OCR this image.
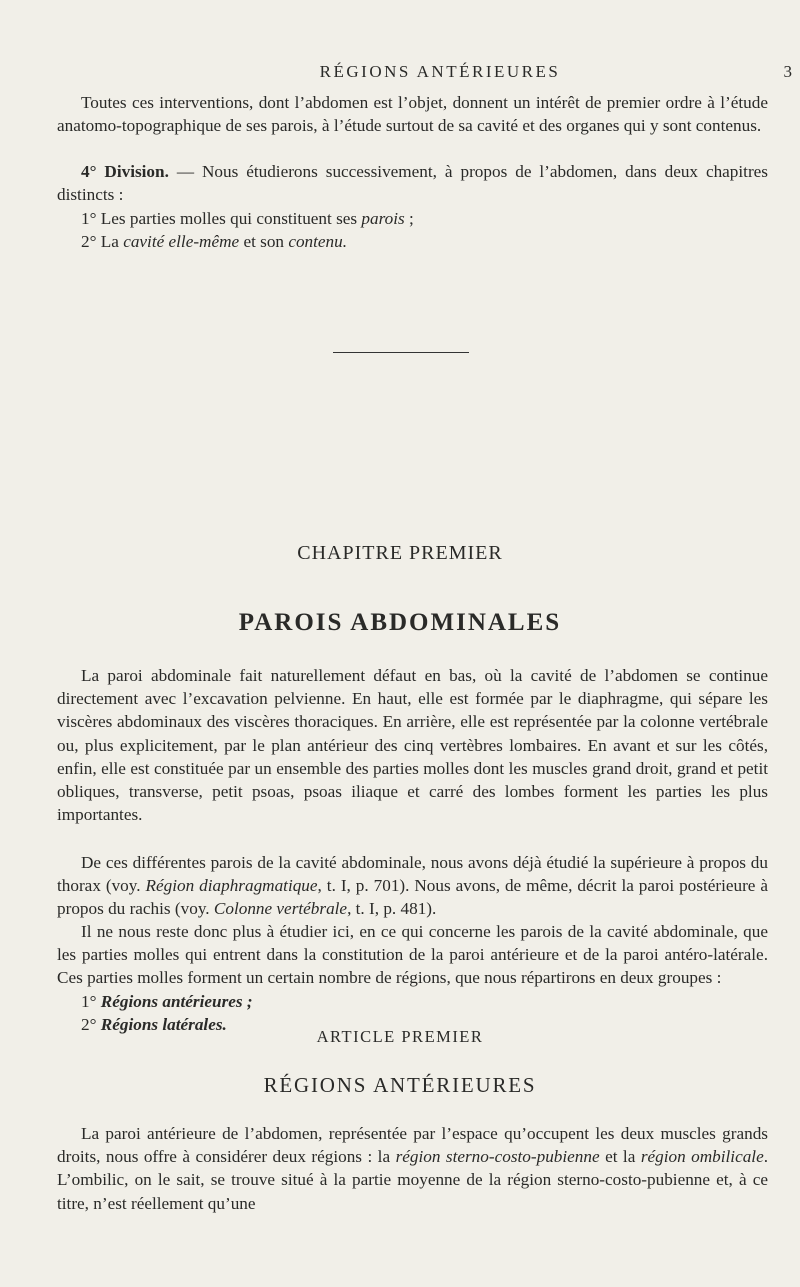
RÉGIONS ANTÉRIEURES	3

Toutes ces interventions, dont l’abdomen est l’objet, donnent un intérêt de premier ordre à l’étude anatomo-topographique de ses parois, à l’étude surtout de sa cavité et des organes qui y sont contenus.

4° Division. — Nous étudierons successivement, à propos de l’abdomen, dans deux chapitres distincts :

1° Les parties molles qui constituent ses parois ;
2° La cavité elle-même et son contenu.
CHAPITRE PREMIER
PAROIS ABDOMINALES

La paroi abdominale fait naturellement défaut en bas, où la cavité de l’abdomen se continue directement avec l’excavation pelvienne. En haut, elle est formée par le diaphragme, qui sépare les viscères abdominaux des viscères thoraciques. En arrière, elle est représentée par la colonne vertébrale ou, plus explicitement, par le plan antérieur des cinq vertèbres lombaires. En avant et sur les côtés, enfin, elle est constituée par un ensemble des parties molles dont les muscles grand droit, grand et petit obliques, transverse, petit psoas, psoas iliaque et carré des lombes forment les parties les plus importantes.

De ces différentes parois de la cavité abdominale, nous avons déjà étudié la supérieure à propos du thorax (voy. Région diaphragmatique, t. I, p. 701). Nous avons, de même, décrit la paroi postérieure à propos du rachis (voy. Colonne vertébrale, t. I, p. 481).

Il ne nous reste donc plus à étudier ici, en ce qui concerne les parois de la cavité abdominale, que les parties molles qui entrent dans la constitution de la paroi antérieure et de la paroi antéro-latérale. Ces parties molles forment un certain nombre de régions, que nous répartirons en deux groupes :

1° Régions antérieures ;
2° Régions latérales.
ARTICLE PREMIER
RÉGIONS ANTÉRIEURES

La paroi antérieure de l’abdomen, représentée par l’espace qu’occupent les deux muscles grands droits, nous offre à considérer deux régions : la région sterno-costo-pubienne et la région ombilicale. L’ombilic, on le sait, se trouve situé à la partie moyenne de la région sterno-costo-pubienne et, à ce titre, n’est réellement qu’une
